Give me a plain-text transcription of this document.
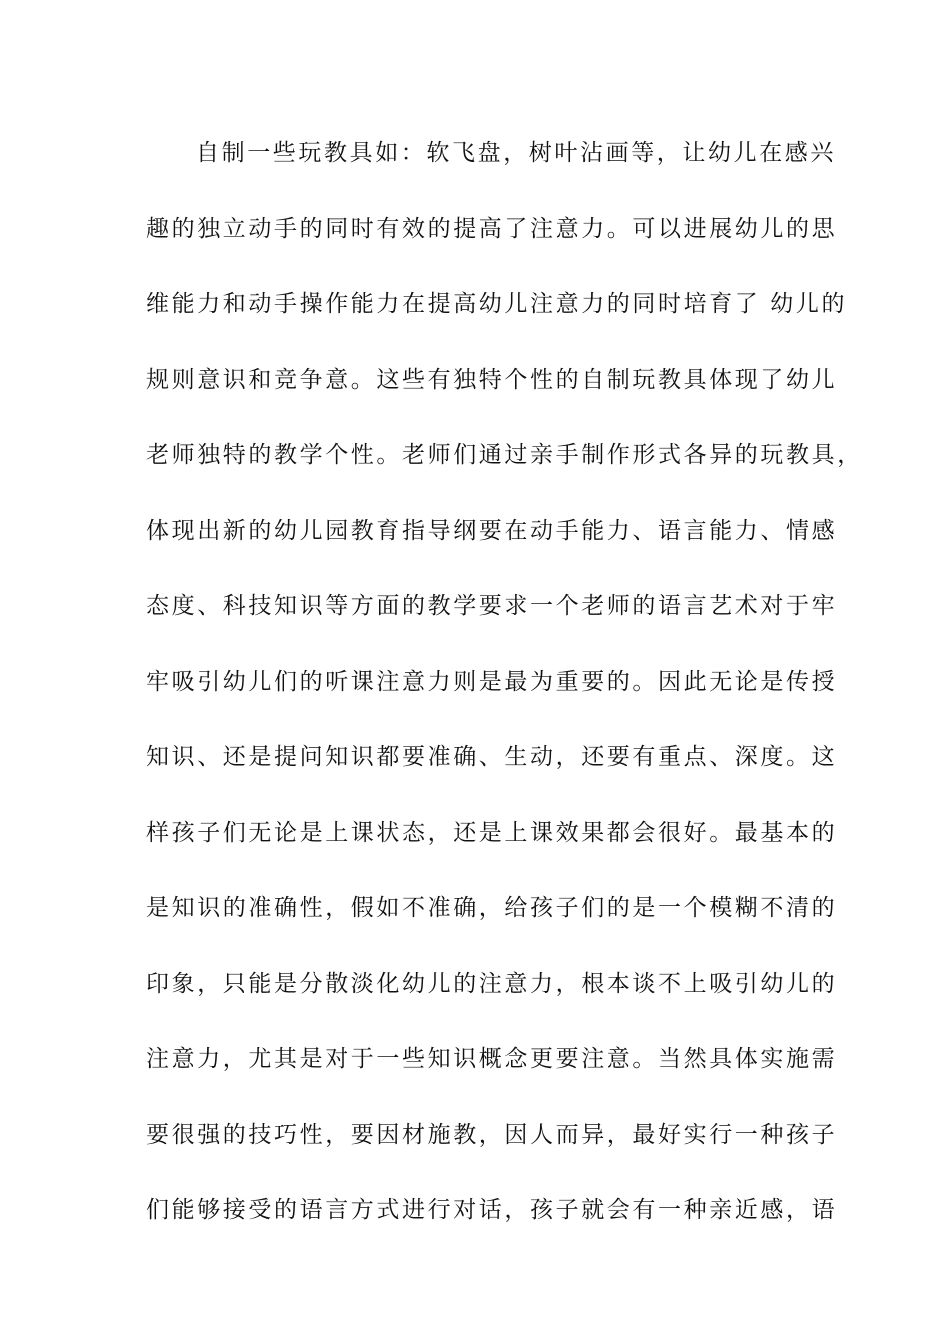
自制一些玩教具如：软飞盘，树叶沾画等，让幼儿在感兴
趣的独立动手的同时有效的提高了注意力。可以进展幼儿的思
维能力和动手操作能力在提高幼儿注意力的同时培育了 幼儿的
规则意识和竞争意。这些有独特个性的自制玩教具体现了幼儿
老师独特的教学个性。老师们通过亲手制作形式各异的玩教具，
体现出新的幼儿园教育指导纲要在动手能力、语言能力、情感
态度、科技知识等方面的教学要求一个老师的语言艺术对于牢
牢吸引幼儿们的听课注意力则是最为重要的。因此无论是传授
知识、还是提问知识都要准确、生动，还要有重点、深度。这
样孩子们无论是上课状态，还是上课效果都会很好。最基本的
是知识的准确性，假如不准确，给孩子们的是一个模糊不清的
印象，只能是分散淡化幼儿的注意力，根本谈不上吸引幼儿的
注意力，尤其是对于一些知识概念更要注意。当然具体实施需
要很强的技巧性，要因材施教，因人而异，最好实行一种孩子
们能够接受的语言方式进行对话，孩子就会有一种亲近感，语
